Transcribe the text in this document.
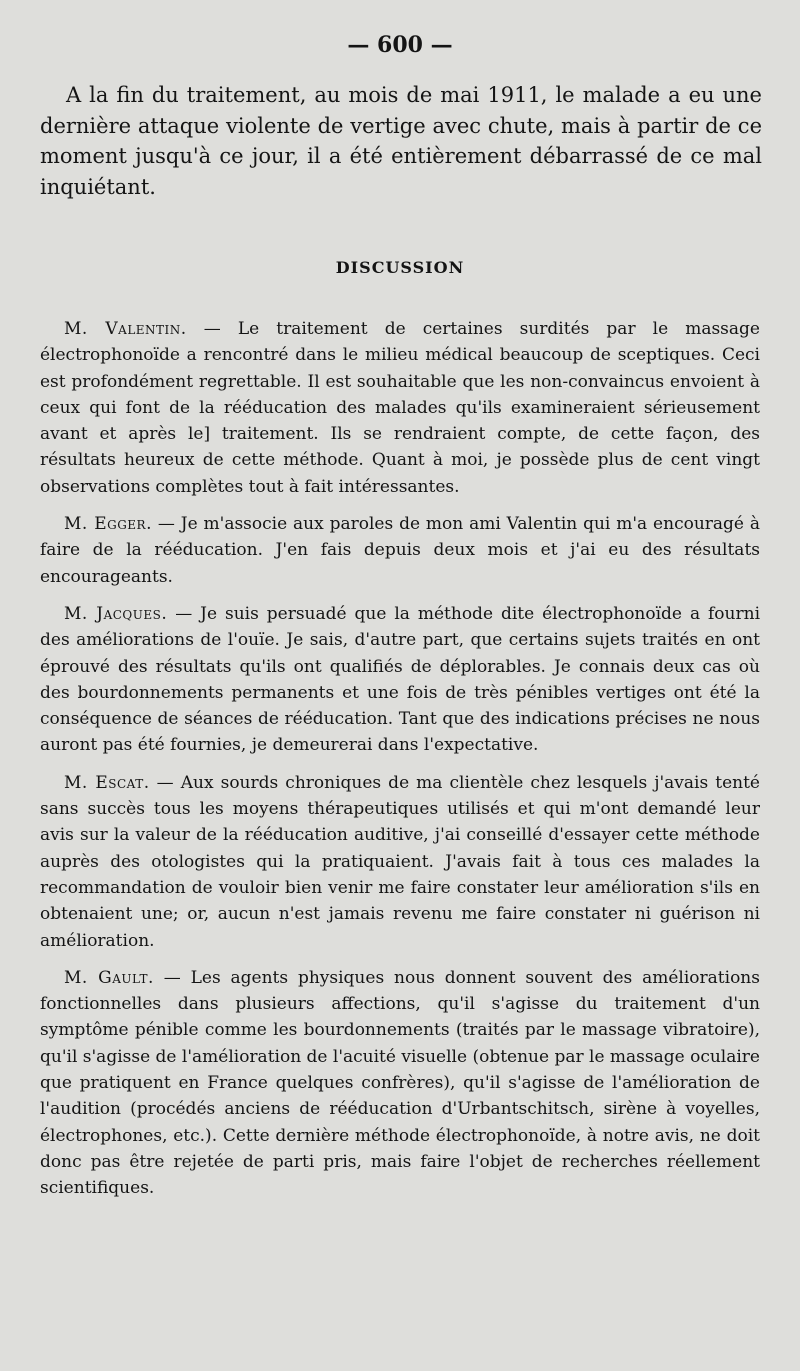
— 600 —

A la fin du traitement, au mois de mai 1911, le malade a eu une dernière attaque violente de vertige avec chute, mais à partir de ce moment jusqu'à ce jour, il a été entièrement débarrassé de ce mal inquiétant.

DISCUSSION

M. Valentin. — Le traitement de certaines surdités par le massage électrophonoïde a rencontré dans le milieu médical beaucoup de sceptiques. Ceci est profondément regrettable. Il est souhaitable que les non-convaincus envoient à ceux qui font de la rééducation des malades qu'ils examineraient sérieusement avant et après le] traitement. Ils se rendraient compte, de cette façon, des résultats heureux de cette méthode. Quant à moi, je possède plus de cent vingt observations complètes tout à fait intéressantes.

M. Egger. — Je m'associe aux paroles de mon ami Valentin qui m'a encouragé à faire de la rééducation. J'en fais depuis deux mois et j'ai eu des résultats encourageants.

M. Jacques. — Je suis persuadé que la méthode dite électrophonoïde a fourni des améliorations de l'ouïe. Je sais, d'autre part, que certains sujets traités en ont éprouvé des résultats qu'ils ont qualifiés de déplorables. Je connais deux cas où des bourdonnements permanents et une fois de très pénibles vertiges ont été la conséquence de séances de rééducation. Tant que des indications précises ne nous auront pas été fournies, je demeurerai dans l'expectative.

M. Escat. — Aux sourds chroniques de ma clientèle chez lesquels j'avais tenté sans succès tous les moyens thérapeutiques utilisés et qui m'ont demandé leur avis sur la valeur de la rééducation auditive, j'ai conseillé d'essayer cette méthode auprès des otologistes qui la pratiquaient. J'avais fait à tous ces malades la recommandation de vouloir bien venir me faire constater leur amélioration s'ils en obtenaient une; or, aucun n'est jamais revenu me faire constater ni guérison ni amélioration.

M. Gault. — Les agents physiques nous donnent souvent des améliorations fonctionnelles dans plusieurs affections, qu'il s'agisse du traitement d'un symptôme pénible comme les bourdonnements (traités par le massage vibratoire), qu'il s'agisse de l'amélioration de l'acuité visuelle (obtenue par le massage oculaire que pratiquent en France quelques confrères), qu'il s'agisse de l'amélioration de l'audition (procédés anciens de rééducation d'Urbantschitsch, sirène à voyelles, électrophones, etc.). Cette dernière méthode électrophonoïde, à notre avis, ne doit donc pas être rejetée de parti pris, mais faire l'objet de recherches réellement scientifiques.
